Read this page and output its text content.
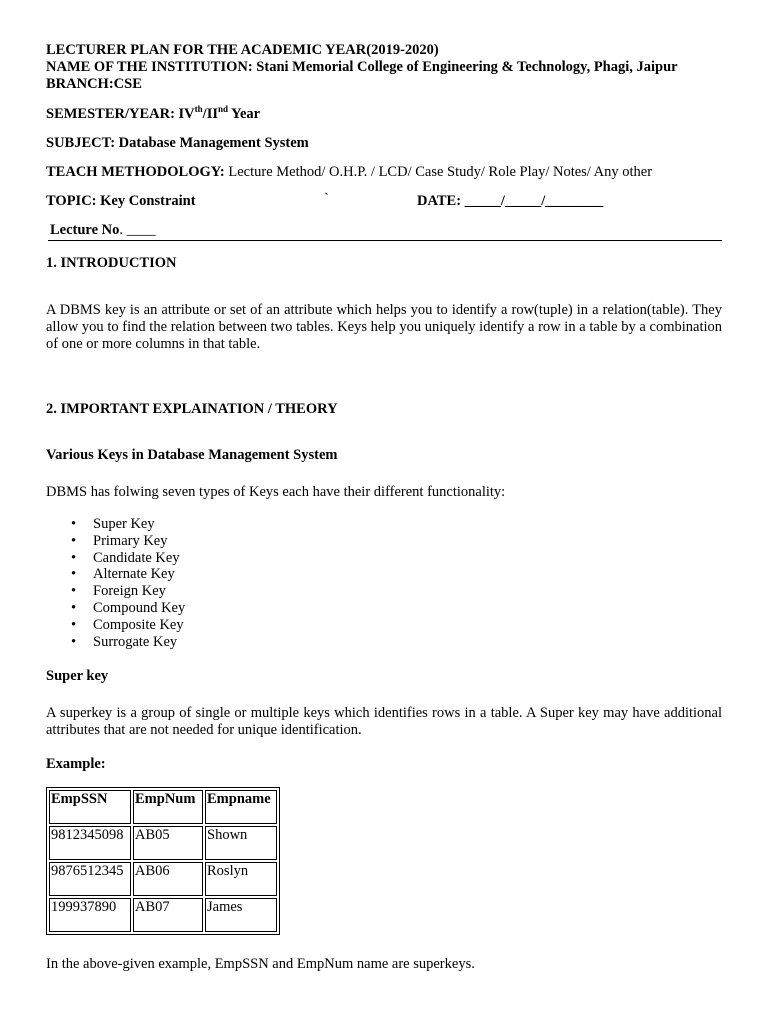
LECTURER PLAN FOR THE ACADEMIC YEAR(2019-2020)
NAME OF THE INSTITUTION: Stani Memorial College of Engineering & Technology, Phagi, Jaipur
BRANCH:CSE
SEMESTER/YEAR: IVth/IInd Year
SUBJECT: Database Management System
TEACH METHODOLOGY: Lecture Method/ O.H.P. / LCD/ Case Study/ Role Play/ Notes/ Any other
TOPIC: Key Constraint	`	DATE: _____/_____/________
Lecture No. ____
1. INTRODUCTION
A DBMS key is an attribute or set of an attribute which helps you to identify a row(tuple) in a relation(table). They allow you to find the relation between two tables. Keys help you uniquely identify a row in a table by a combination of one or more columns in that table.
2. IMPORTANT EXPLAINATION / THEORY
Various Keys in Database Management System
DBMS has folwing seven types of Keys each have their different functionality:
• Super Key
• Primary Key
• Candidate Key
• Alternate Key
• Foreign Key
• Compound Key
• Composite Key
• Surrogate Key
Super key
A superkey is a group of single or multiple keys which identifies rows in a table. A Super key may have additional attributes that are not needed for unique identification.
Example:
EmpSSN	EmpNum	Empname
9812345098	AB05	Shown
9876512345	AB06	Roslyn
199937890	AB07	James
In the above-given example, EmpSSN and EmpNum name are superkeys.
